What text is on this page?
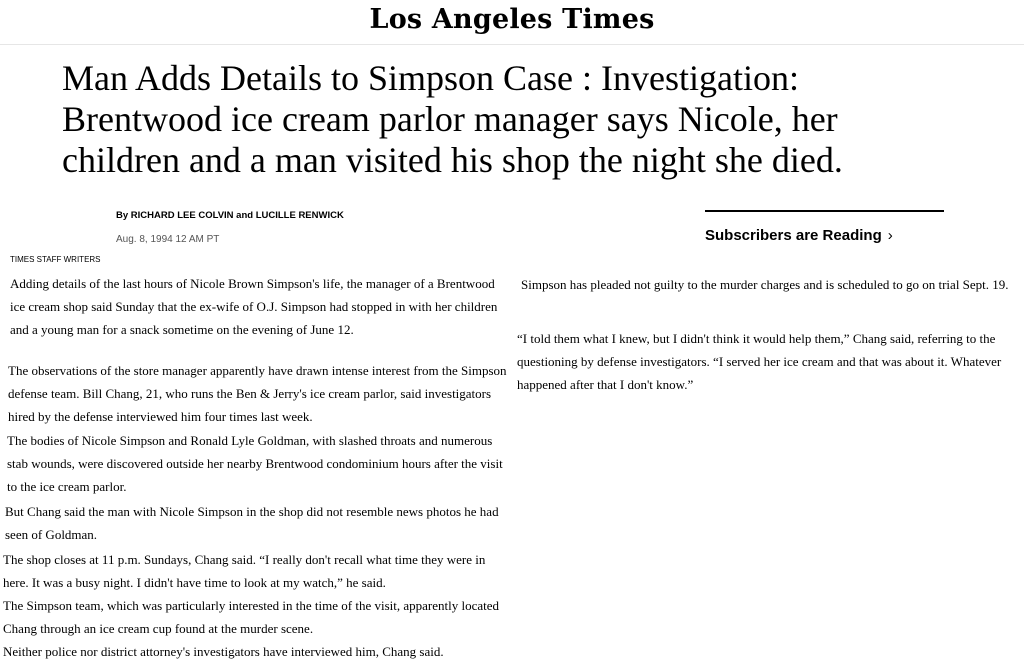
Los Angeles Times
Man Adds Details to Simpson Case : Investigation: Brentwood ice cream parlor manager says Nicole, her children and a man visited his shop the night she died.
By RICHARD LEE COLVIN and LUCILLE RENWICK
Aug. 8, 1994 12 AM PT
TIMES STAFF WRITERS

Adding details of the last hours of Nicole Brown Simpson's life, the manager of a Brentwood ice cream shop said Sunday that the ex-wife of O.J. Simpson had stopped in with her children and a young man for a snack sometime on the evening of June 12.

The observations of the store manager apparently have drawn intense interest from the Simpson defense team. Bill Chang, 21, who runs the Ben & Jerry's ice cream parlor, said investigators hired by the defense interviewed him four times last week.

The bodies of Nicole Simpson and Ronald Lyle Goldman, with slashed throats and numerous stab wounds, were discovered outside her nearby Brentwood condominium hours after the visit to the ice cream parlor.

But Chang said the man with Nicole Simpson in the shop did not resemble news photos he had seen of Goldman.

The shop closes at 11 p.m. Sundays, Chang said. “I really don't recall what time they were in here. It was a busy night. I didn't have time to look at my watch,” he said.

The Simpson team, which was particularly interested in the time of the visit, apparently located Chang through an ice cream cup found at the murder scene.

Neither police nor district attorney's investigators have interviewed him, Chang said.

Simpson has pleaded not guilty to the murder charges and is scheduled to go on trial Sept. 19.

“I told them what I knew, but I didn't think it would help them,” Chang said, referring to the questioning by defense investigators. “I served her ice cream and that was about it. Whatever happened after that I don't know.”

Subscribers are Reading ›
